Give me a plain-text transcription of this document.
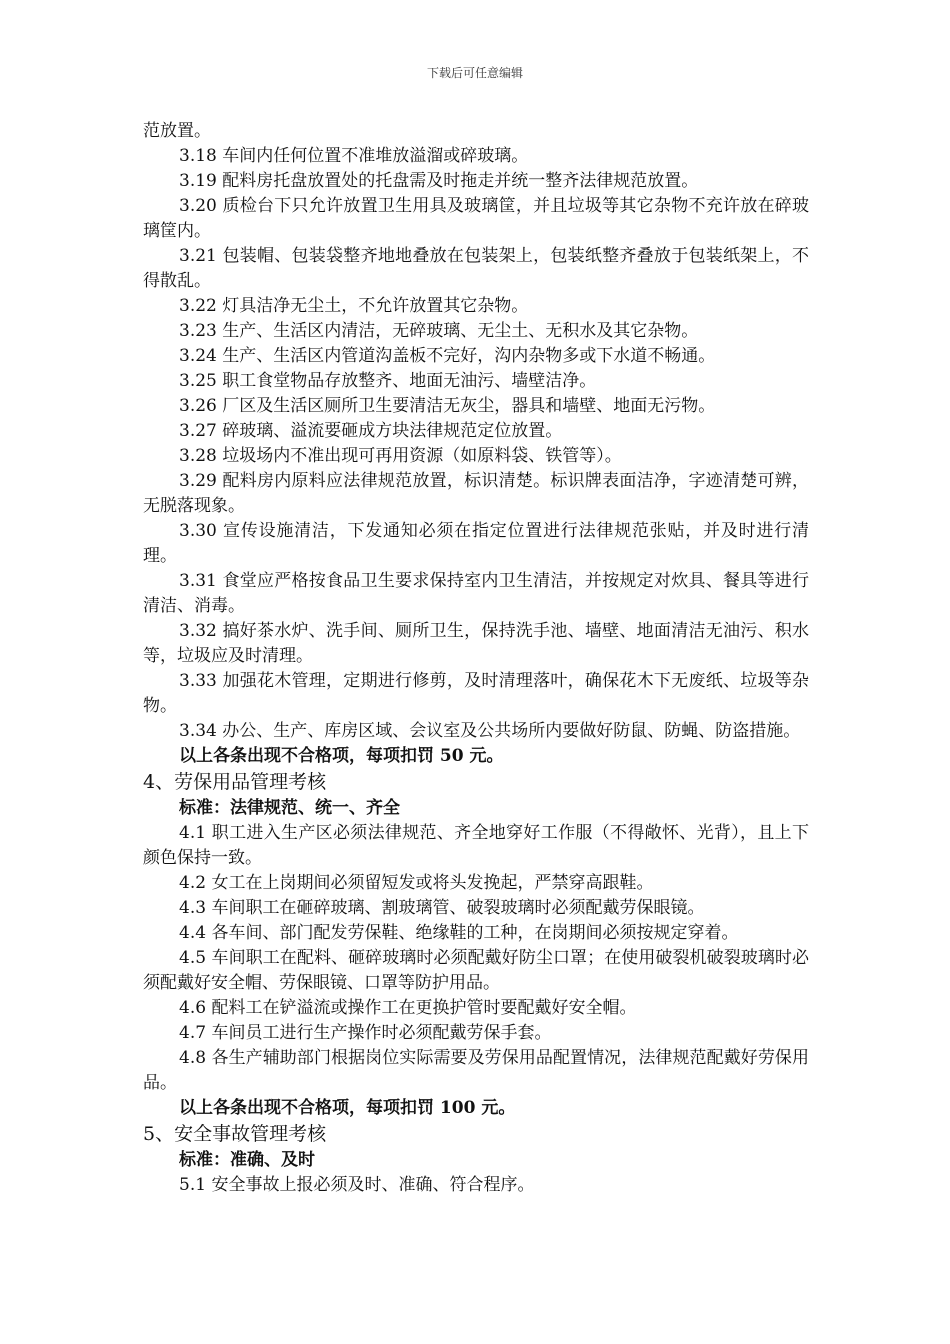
下载后可任意编辑

范放置。

3.18 车间内任何位置不准堆放溢溜或碎玻璃。

3.19 配料房托盘放置处的托盘需及时拖走并统一整齐法律规范放置。

3.20 质检台下只允许放置卫生用具及玻璃筐，并且垃圾等其它杂物不充许放在碎玻璃筐内。

3.21 包装帽、包装袋整齐地地叠放在包装架上，包装纸整齐叠放于包装纸架上，不得散乱。

3.22 灯具洁净无尘土，不允许放置其它杂物。

3.23 生产、生活区内清洁，无碎玻璃、无尘土、无积水及其它杂物。

3.24 生产、生活区内管道沟盖板不完好，沟内杂物多或下水道不畅通。

3.25 职工食堂物品存放整齐、地面无油污、墙壁洁净。

3.26 厂区及生活区厕所卫生要清洁无灰尘，器具和墙壁、地面无污物。

3.27 碎玻璃、溢流要砸成方块法律规范定位放置。

3.28 垃圾场内不准出现可再用资源（如原料袋、铁管等）。

3.29 配料房内原料应法律规范放置，标识清楚。标识牌表面洁净，字迹清楚可辨，无脱落现象。

3.30 宣传设施清洁，下发通知必须在指定位置进行法律规范张贴，并及时进行清理。

3.31 食堂应严格按食品卫生要求保持室内卫生清洁，并按规定对炊具、餐具等进行清洁、消毒。

3.32 搞好茶水炉、洗手间、厕所卫生，保持洗手池、墙壁、地面清洁无油污、积水等，垃圾应及时清理。

3.33 加强花木管理，定期进行修剪，及时清理落叶，确保花木下无废纸、垃圾等杂物。

3.34 办公、生产、库房区域、会议室及公共场所内要做好防鼠、防蝇、防盗措施。

以上各条出现不合格项，每项扣罚 50 元。

4、劳保用品管理考核

标准：法律规范、统一、齐全

4.1 职工进入生产区必须法律规范、齐全地穿好工作服（不得敞怀、光背），且上下颜色保持一致。

4.2 女工在上岗期间必须留短发或将头发挽起，严禁穿高跟鞋。

4.3 车间职工在砸碎玻璃、割玻璃管、破裂玻璃时必须配戴劳保眼镜。

4.4 各车间、部门配发劳保鞋、绝缘鞋的工种，在岗期间必须按规定穿着。

4.5 车间职工在配料、砸碎玻璃时必须配戴好防尘口罩；在使用破裂机破裂玻璃时必须配戴好安全帽、劳保眼镜、口罩等防护用品。

4.6 配料工在铲溢流或操作工在更换护管时要配戴好安全帽。

4.7 车间员工进行生产操作时必须配戴劳保手套。

4.8 各生产辅助部门根据岗位实际需要及劳保用品配置情况，法律规范配戴好劳保用品。

以上各条出现不合格项，每项扣罚 100 元。

5、安全事故管理考核

标准：准确、及时

5.1 安全事故上报必须及时、准确、符合程序。
